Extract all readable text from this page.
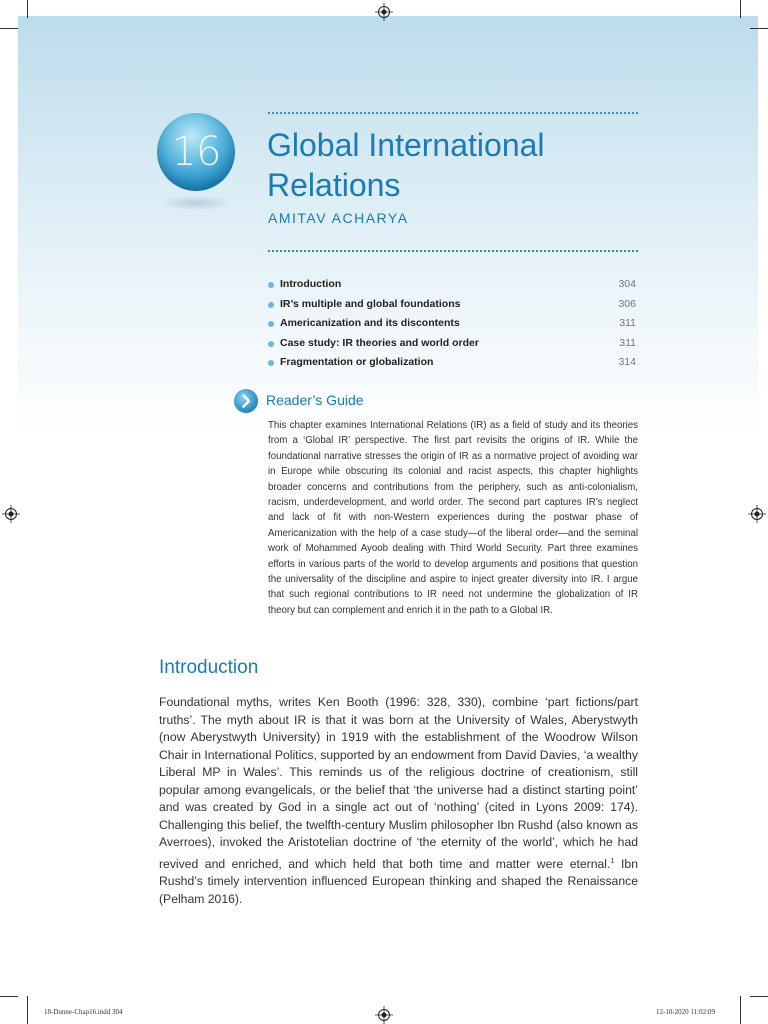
16	Global International Relations
AMITAV ACHARYA
Introduction	304
IR’s multiple and global foundations	306
Americanization and its discontents	311
Case study: IR theories and world order	311
Fragmentation or globalization	314
Reader’s Guide

This chapter examines International Relations (IR) as a field of study and its theories from a ‘Global IR’ perspective. The first part revisits the origins of IR. While the foundational narrative stresses the origin of IR as a normative project of avoiding war in Europe while obscuring its colonial and racist aspects, this chapter highlights broader concerns and contributions from the periphery, such as anti-colonialism, racism, underdevelopment, and world order. The second part captures IR’s neglect and lack of fit with non-Western experiences during the postwar phase of Americanization with the help of a case study—of the liberal order—and the seminal work of Mohammed Ayoob dealing with Third World Security. Part three examines efforts in various parts of the world to develop arguments and positions that question the universality of the discipline and aspire to inject greater diversity into IR. I argue that such regional contributions to IR need not undermine the globalization of IR theory but can complement and enrich it in the path to a Global IR.

Introduction

Foundational myths, writes Ken Booth (1996: 328, 330), combine ‘part fictions/part truths’. The myth about IR is that it was born at the University of Wales, Aberystwyth (now Aberystwyth University) in 1919 with the establishment of the Woodrow Wilson Chair in International Politics, supported by an endowment from David Davies, ‘a wealthy Liberal MP in Wales’. This reminds us of the religious doctrine of creationism, still popular among evangelicals, or the belief that ‘the universe had a distinct starting point’ and was created by God in a single act out of ‘nothing’ (cited in Lyons 2009: 174). Challenging this belief, the twelfth-century Muslim philosopher Ibn Rushd (also known as Averroes), invoked the Aristotelian doctrine of ‘the eternity of the world’, which he had revived and enriched, and which held that both time and matter were eternal.$^1$ Ibn Rushd’s timely intervention influenced European thinking and shaped the Renaissance (Pelham 2016).

18-Dunne-Chap16.indd 304	12-10-2020 11:02:09
